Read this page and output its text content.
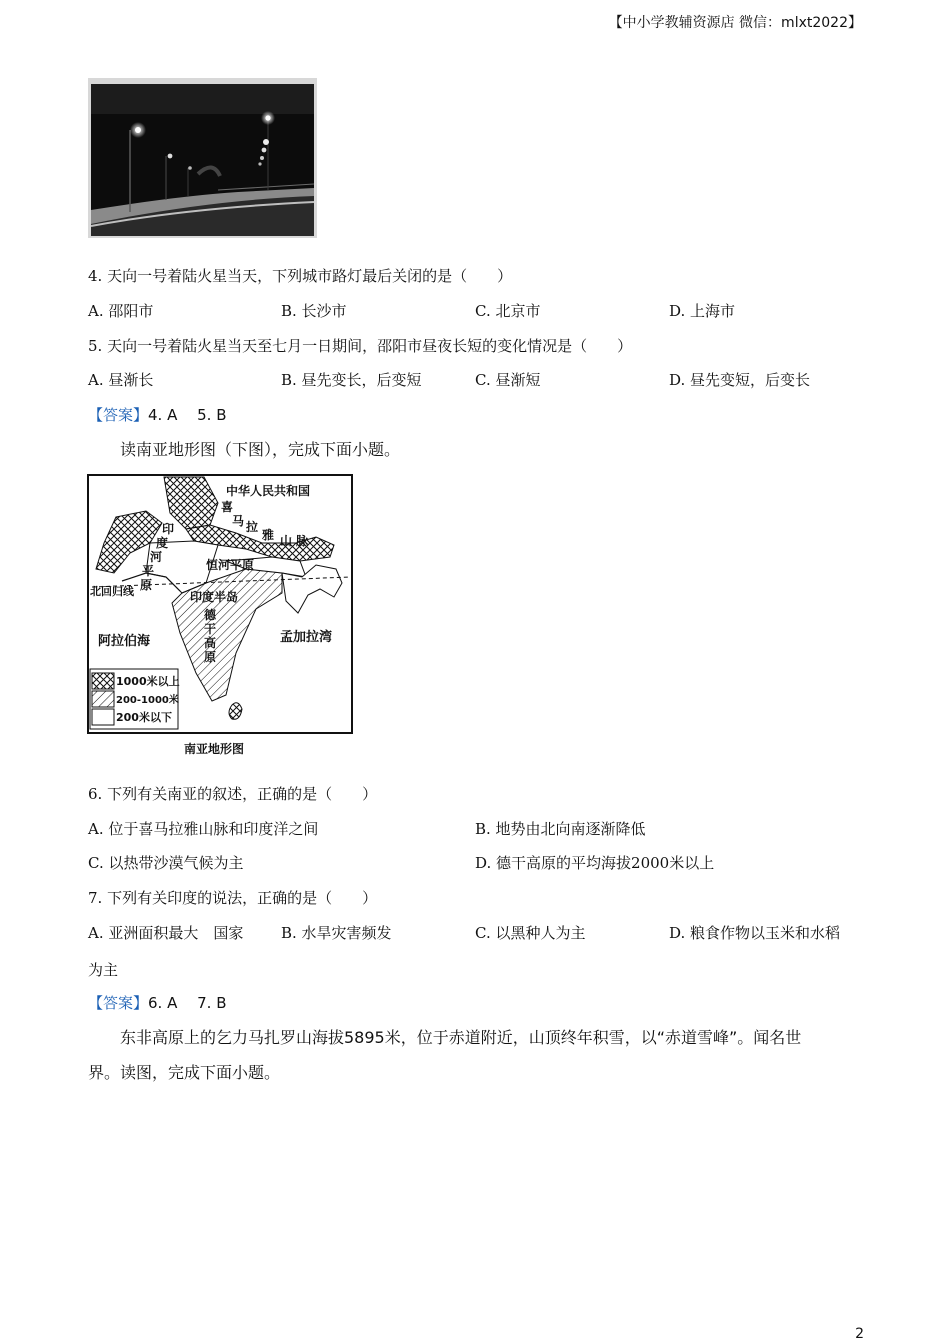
【中小学教辅资源店 微信：mlxt2022】
4. 天向一号着陆火星当天，下列城市路灯最后关闭的是（　　）
A. 邵阳市	B. 长沙市	C. 北京市	D. 上海市
5. 天向一号着陆火星当天至七月一日期间，邵阳市昼夜长短的变化情况是（　　）
A. 昼渐长	B. 昼先变长，后变短	C. 昼渐短	D. 昼先变短，后变长
【答案】4. A　 5. B
读南亚地形图（下图），完成下面小题。
1000米以上
200-1000米
200米以下
中华人民共和国
喜
马 拉
雅 山 脉
印
度
河
平
原
恒河平原
北回归线	印度半岛
德
干
高
原
阿拉伯海	孟加拉湾
南亚地形图
6. 下列有关南亚的叙述，正确的是（　　）
A. 位于喜马拉雅山脉和印度洋之间	B. 地势由北向南逐渐降低
C. 以热带沙漠气候为主	D. 德干高原的平均海拔2000米以上
7. 下列有关印度的说法，正确的是（　　）
A. 亚洲面积最大　国家	B. 水旱灾害频发	C. 以黑种人为主	D. 粮食作物以玉米和水稻
为主
【答案】6. A　 7. B
东非高原上的乞力马扎罗山海拔5895米，位于赤道附近，山顶终年积雪，以“赤道雪峰”。闻名世
界。读图，完成下面小题。
2
